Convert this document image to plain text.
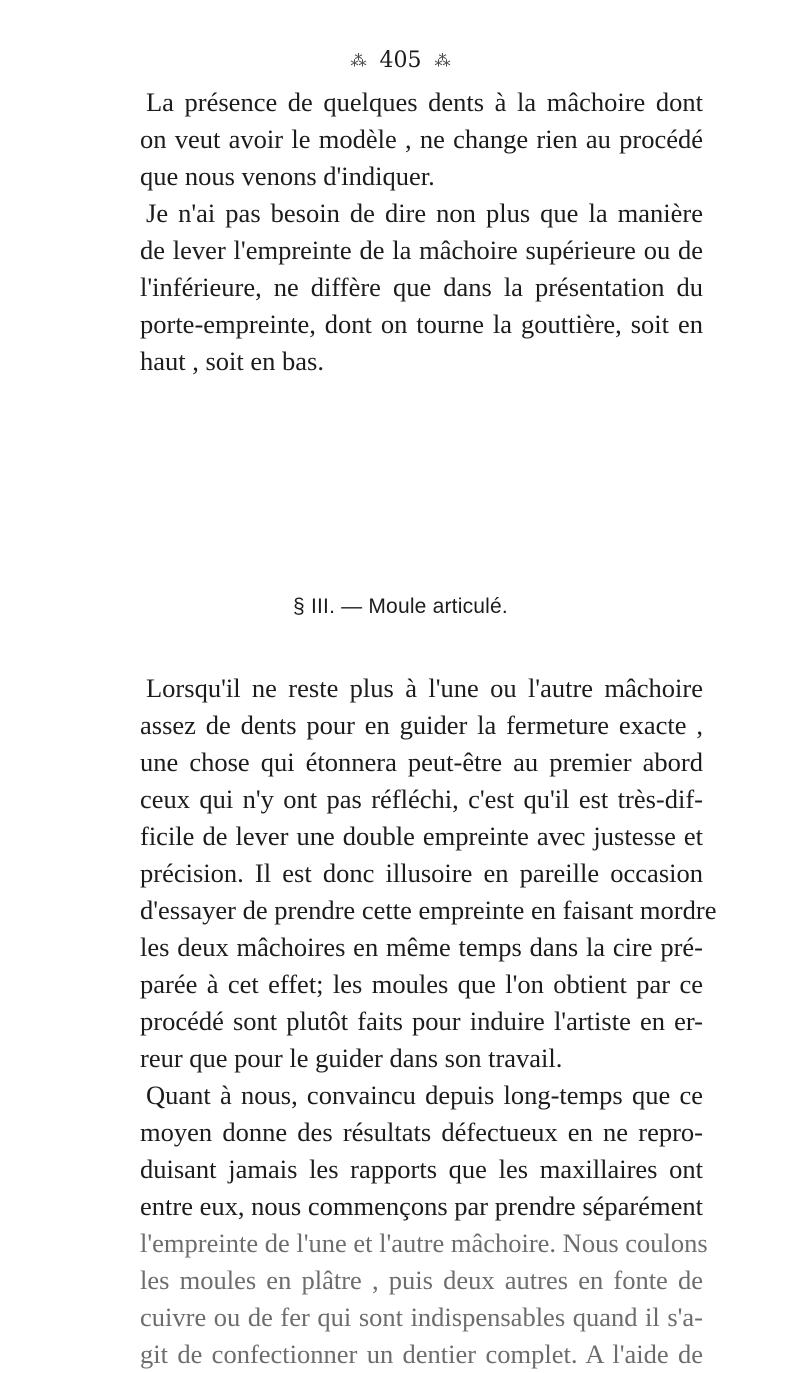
⁂ 405 ⁂
La présence de quelques dents à la mâchoire dont
on veut avoir le modèle , ne change rien au procédé
que nous venons d'indiquer.
Je n'ai pas besoin de dire non plus que la manière
de lever l'empreinte de la mâchoire supérieure ou de
l'inférieure, ne diffère que dans la présentation du
porte-empreinte, dont on tourne la gouttière, soit en
haut , soit en bas.
§ III. — Moule articulé.
Lorsqu'il ne reste plus à l'une ou l'autre mâchoire
assez de dents pour en guider la fermeture exacte ,
une chose qui étonnera peut-être au premier abord
ceux qui n'y ont pas réfléchi, c'est qu'il est très-dif-
ficile de lever une double empreinte avec justesse et
précision. Il est donc illusoire en pareille occasion
d'essayer de prendre cette empreinte en faisant mordre
les deux mâchoires en même temps dans la cire pré-
parée à cet effet; les moules que l'on obtient par ce
procédé sont plutôt faits pour induire l'artiste en er-
reur que pour le guider dans son travail.
Quant à nous, convaincu depuis long-temps que ce
moyen donne des résultats défectueux en ne repro-
duisant jamais les rapports que les maxillaires ont
entre eux, nous commençons par prendre séparément
l'empreinte de l'une et l'autre mâchoire. Nous coulons
les moules en plâtre , puis deux autres en fonte de
cuivre ou de fer qui sont indispensables quand il s'a-
git de confectionner un dentier complet. A l'aide de
